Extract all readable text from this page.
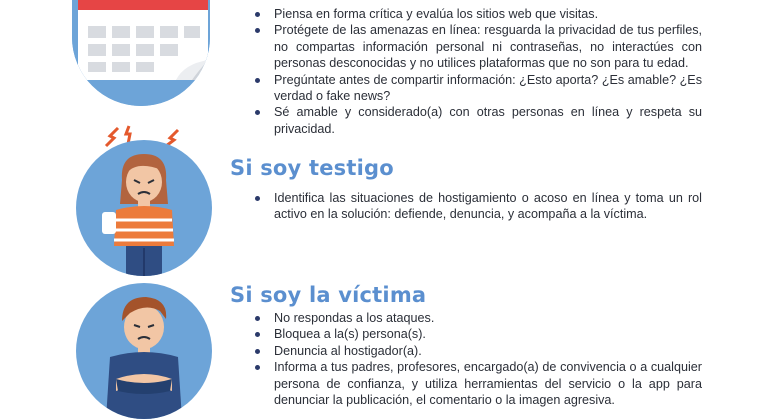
Piensa en forma crítica y evalúa los sitios web que visitas.
Protégete de las amenazas en línea: resguarda la privacidad de tus perfiles, no compartas información personal ni contraseñas, no interactúes con personas desconocidas y no utilices plataformas que no son para tu edad.
Pregúntate antes de compartir información: ¿Esto aporta? ¿Es amable? ¿Es verdad o fake news?
Sé amable y considerado(a) con otras personas en línea y respeta su privacidad.
Si soy testigo
Identifica las situaciones de hostigamiento o acoso en línea y toma un rol activo en la solución: defiende, denuncia, y acompaña a la víctima.
Si soy la víctima
No respondas a los ataques.
Bloquea a la(s) persona(s).
Denuncia al hostigador(a).
Informa a tus padres, profesores, encargado(a) de convivencia o a cualquier persona de confianza, y utiliza herramientas del servicio o la app para denunciar la publicación, el comentario o la imagen agresiva.
